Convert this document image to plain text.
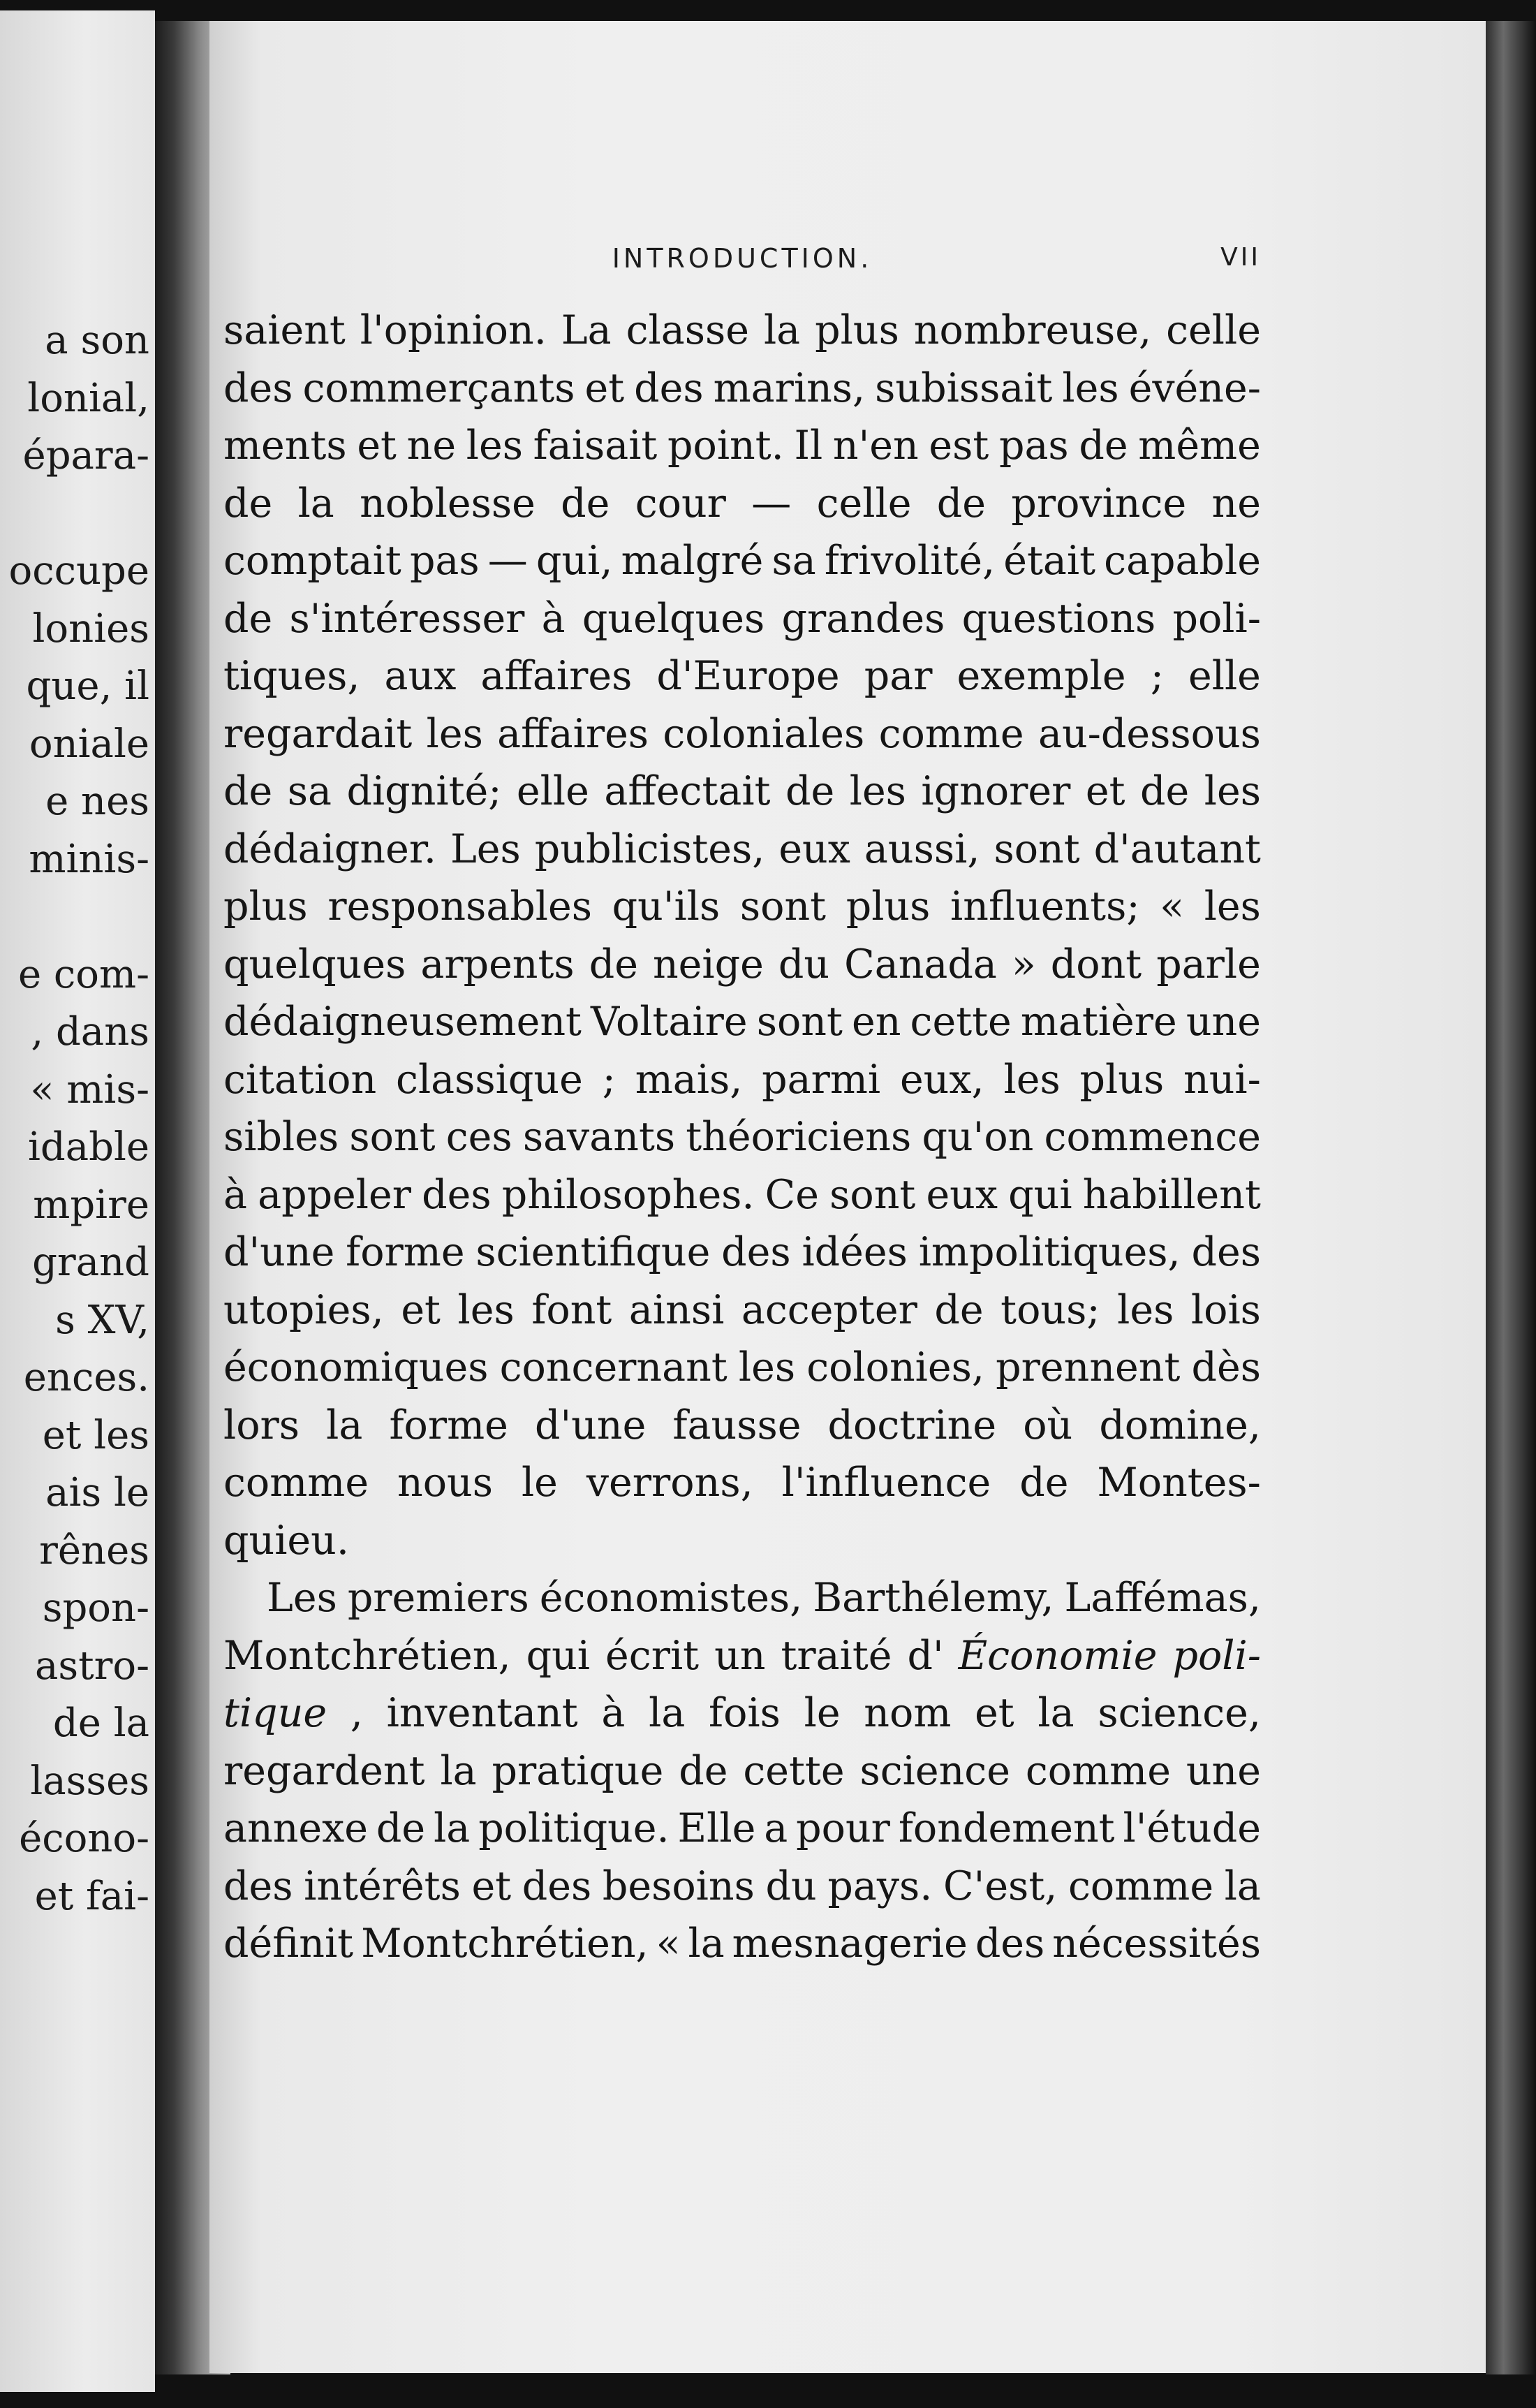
a son
lonial,
épara-
occupe
lonies
que, il
oniale
e nes
minis-
e com-
, dans
« mis-
idable
mpire
grand
s XV,
ences.
et les
ais le
rênes
spon-
astro-
de la
lasses
écono-
et fai-
INTRODUCTION.	VII
saient l'opinion. La classe la plus nombreuse, celle
des commerçants et des marins, subissait les événe-
ments et ne les faisait point. Il n'en est pas de même
de la noblesse de cour — celle de province ne
comptait pas — qui, malgré sa frivolité, était capable
de s'intéresser à quelques grandes questions poli-
tiques, aux affaires d'Europe par exemple ; elle
regardait les affaires coloniales comme au-dessous
de sa dignité; elle affectait de les ignorer et de les
dédaigner. Les publicistes, eux aussi, sont d'autant
plus responsables qu'ils sont plus influents; « les
quelques arpents de neige du Canada » dont parle
dédaigneusement Voltaire sont en cette matière une
citation classique ; mais, parmi eux, les plus nui-
sibles sont ces savants théoriciens qu'on commence
à appeler des philosophes. Ce sont eux qui habillent
d'une forme scientifique des idées impolitiques, des
utopies, et les font ainsi accepter de tous; les lois
économiques concernant les colonies, prennent dès
lors la forme d'une fausse doctrine où domine,
comme nous le verrons, l'influence de Montes-
quieu.
Les premiers économistes, Barthélemy, Laffémas,
Montchrétien, qui écrit un traité d' Économie poli-
tique , inventant à la fois le nom et la science,
regardent la pratique de cette science comme une
annexe de la politique. Elle a pour fondement l'étude
des intérêts et des besoins du pays. C'est, comme la
définit Montchrétien, « la mesnagerie des nécessités
